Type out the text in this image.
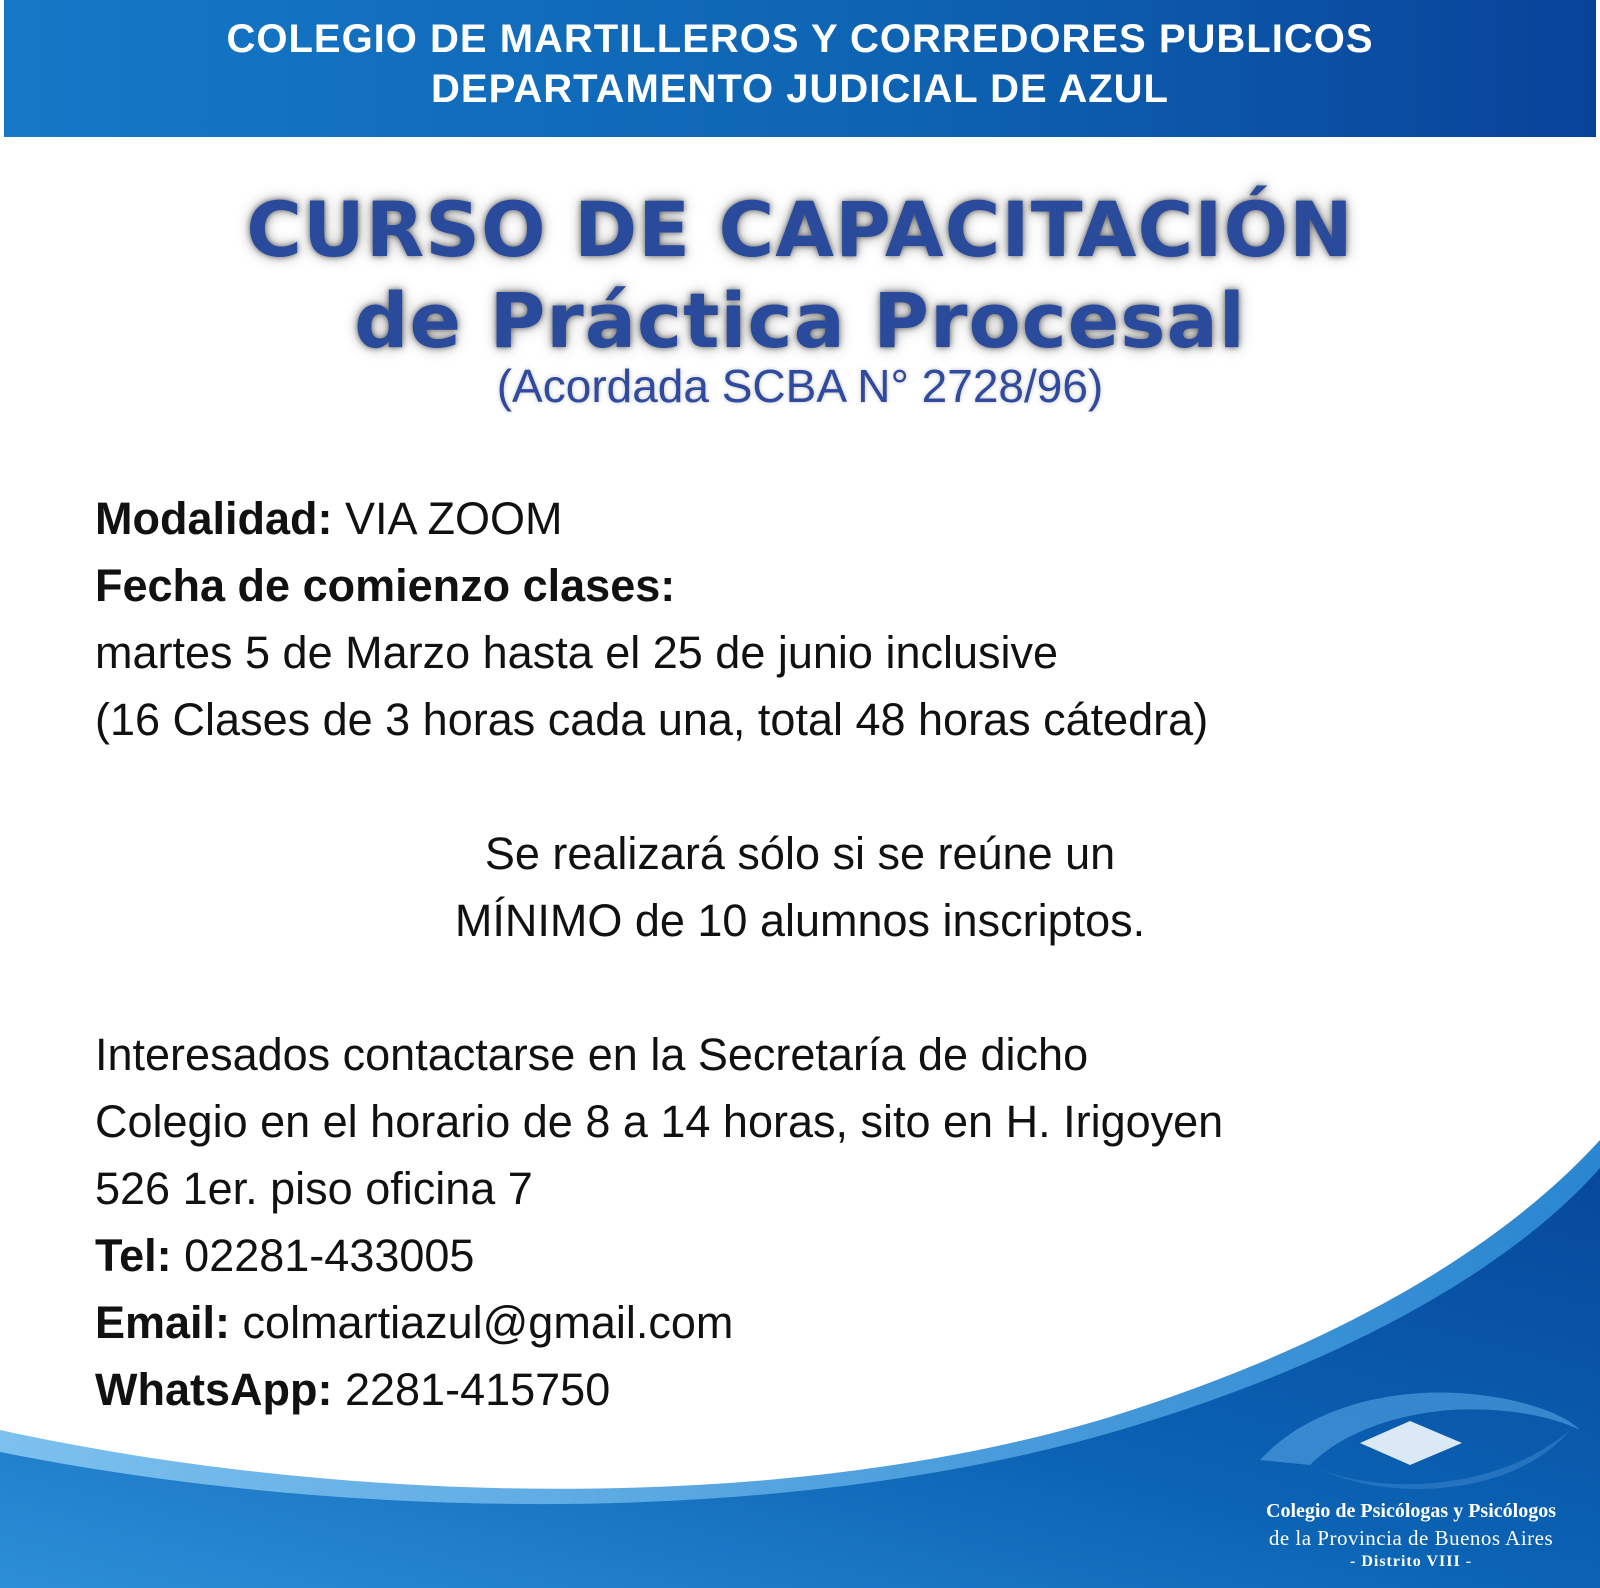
COLEGIO DE MARTILLEROS Y CORREDORES PUBLICOS
DEPARTAMENTO JUDICIAL DE AZUL
CURSO DE CAPACITACIÓN
de Práctica Procesal
(Acordada SCBA N° 2728/96)
Modalidad: VIA ZOOM
Fecha de comienzo clases:
martes 5 de Marzo hasta el 25 de junio inclusive
(16 Clases de 3 horas cada una, total 48 horas cátedra)
Se realizará sólo si se reúne un
MÍNIMO de 10 alumnos inscriptos.
Interesados contactarse en la Secretaría de dicho
Colegio en el horario de 8 a 14 horas, sito en H. Irigoyen
526 1er. piso oficina 7
Tel: 02281-433005
Email: colmartiazul@gmail.com
WhatsApp: 2281-415750
Colegio de Psicólogas y Psicólogos
de la Provincia de Buenos Aires
- Distrito VIII -
